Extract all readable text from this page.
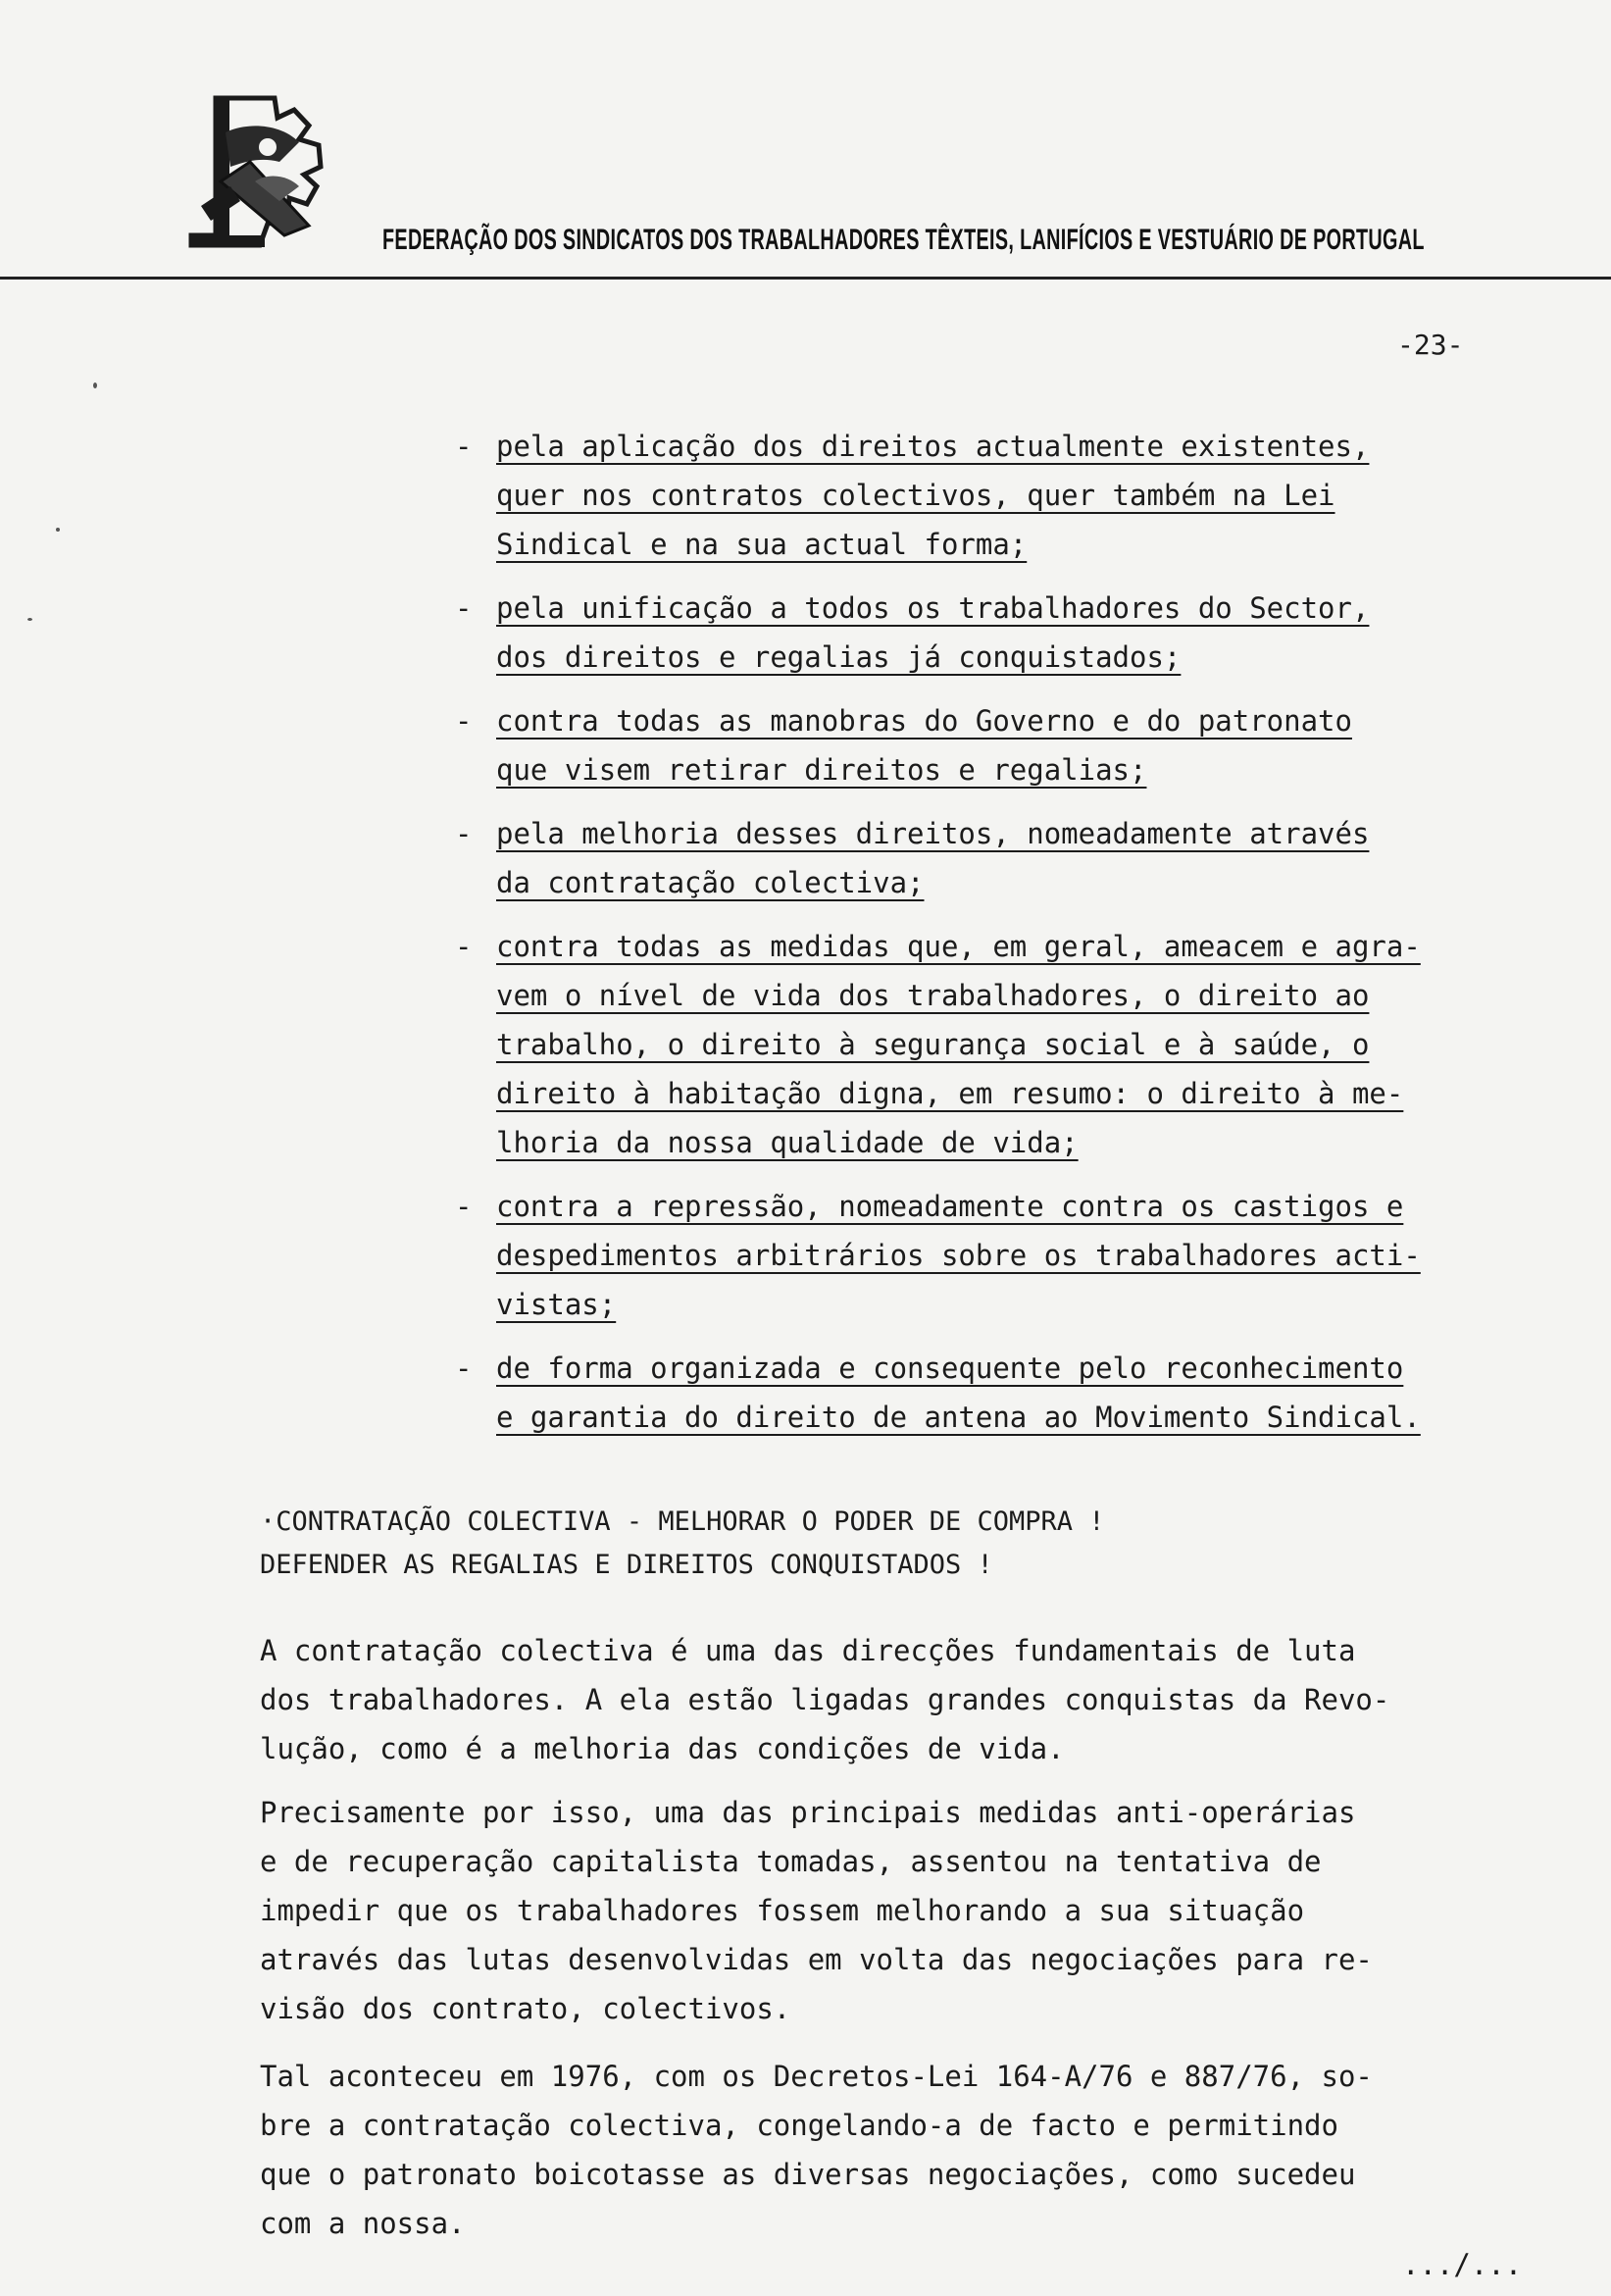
FEDERAÇÃO DOS SINDICATOS DOS TRABALHADORES TÊXTEIS, LANIFÍCIOS E VESTUÁRIO DE PORTUGAL
-23-
- pela aplicação dos direitos actualmente existentes,
quer nos contratos colectivos, quer também na Lei
Sindical e na sua actual forma;
- pela unificação a todos os trabalhadores do Sector,
dos direitos e regalias já conquistados;
- contra todas as manobras do Governo e do patronato
que visem retirar direitos e regalias;
- pela melhoria desses direitos, nomeadamente através
da contratação colectiva;
- contra todas as medidas que, em geral, ameacem e agra-
vem o nível de vida dos trabalhadores, o direito ao
trabalho, o direito à segurança social e à saúde, o
direito à habitação digna, em resumo: o direito à me-
lhoria da nossa qualidade de vida;
- contra a repressão, nomeadamente contra os castigos e
despedimentos arbitrários sobre os trabalhadores acti-
vistas;
- de forma organizada e consequente pelo reconhecimento
e garantia do direito de antena ao Movimento Sindical.
·CONTRATAÇÃO COLECTIVA - MELHORAR O PODER DE COMPRA !
DEFENDER AS REGALIAS E DIREITOS CONQUISTADOS !
A contratação colectiva é uma das direcções fundamentais de luta
dos trabalhadores. A ela estão ligadas grandes conquistas da Revo-
lução, como é a melhoria das condições de vida.
Precisamente por isso, uma das principais medidas anti-operárias
e de recuperação capitalista tomadas, assentou na tentativa de
impedir que os trabalhadores fossem melhorando a sua situação
através das lutas desenvolvidas em volta das negociações para re-
visão dos contrato, colectivos.
Tal aconteceu em 1976, com os Decretos-Lei 164-A/76 e 887/76, so-
bre a contratação colectiva, congelando-a de facto e permitindo
que o patronato boicotasse as diversas negociações, como sucedeu
com a nossa.
.../...
